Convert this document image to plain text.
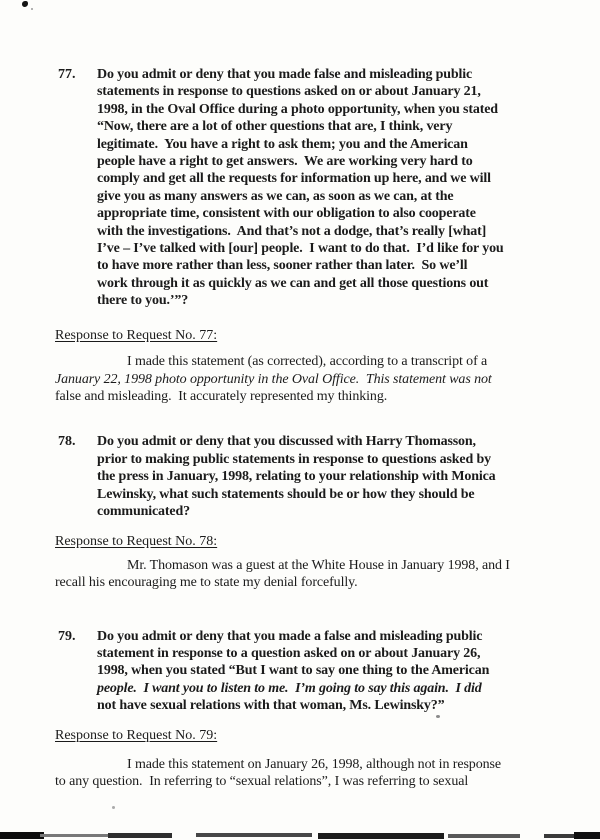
77.	Do you admit or deny that you made false and misleading public
statements in response to questions asked on or about January 21,
1998, in the Oval Office during a photo opportunity, when you stated
“Now, there are a lot of other questions that are, I think, very
legitimate.  You have a right to ask them; you and the American
people have a right to get answers.  We are working very hard to
comply and get all the requests for information up here, and we will
give you as many answers as we can, as soon as we can, at the
appropriate time, consistent with our obligation to also cooperate
with the investigations.  And that’s not a dodge, that’s really [what]
I’ve – I’ve talked with [our] people.  I want to do that.  I’d like for you
to have more rather than less, sooner rather than later.  So we’ll
work through it as quickly as we can and get all those questions out
there to you.’”?
Response to Request No. 77:
I made this statement (as corrected), according to a transcript of a
January 22, 1998 photo opportunity in the Oval Office.  This statement was not
false and misleading.  It accurately represented my thinking.
78.	Do you admit or deny that you discussed with Harry Thomasson,
prior to making public statements in response to questions asked by
the press in January, 1998, relating to your relationship with Monica
Lewinsky, what such statements should be or how they should be
communicated?
Response to Request No. 78:
Mr. Thomason was a guest at the White House in January 1998, and I
recall his encouraging me to state my denial forcefully.
79.	Do you admit or deny that you made a false and misleading public
statement in response to a question asked on or about January 26,
1998, when you stated “But I want to say one thing to the American
people.  I want you to listen to me.  I’m going to say this again.  I did
not have sexual relations with that woman, Ms. Lewinsky?”
Response to Request No. 79:
I made this statement on January 26, 1998, although not in response
to any question.  In referring to “sexual relations”, I was referring to sexual
